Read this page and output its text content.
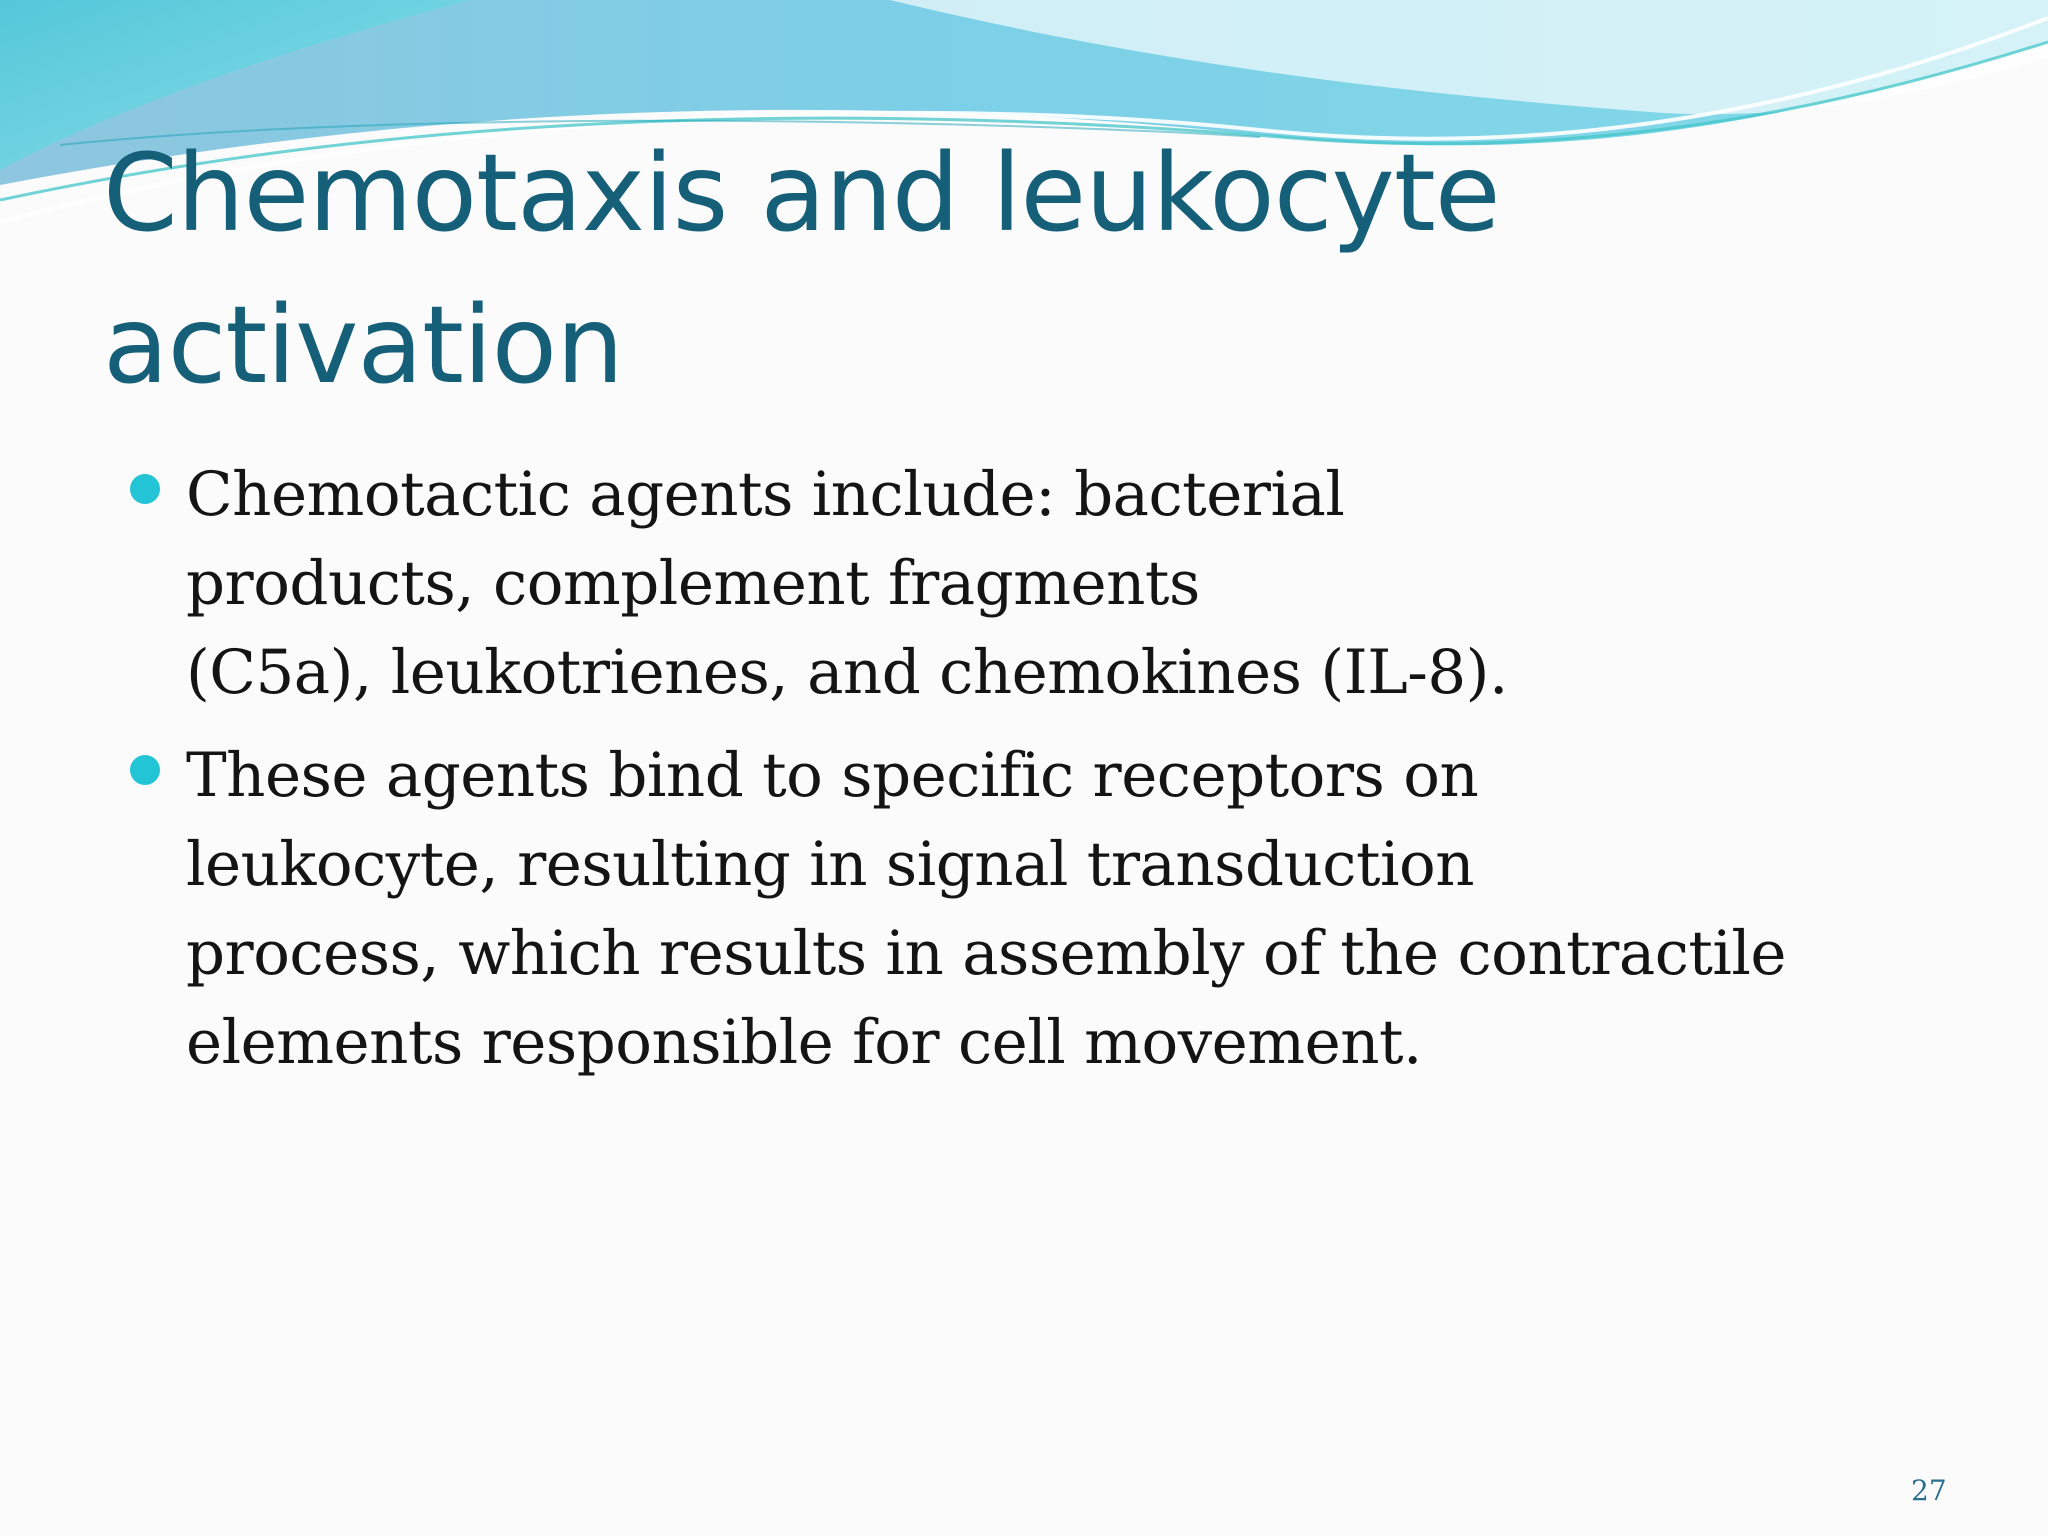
Chemotaxis and leukocyte activation
Chemotactic agents include: bacterial
products, complement fragments
(C5a), leukotrienes, and chemokines (IL-8).
These agents bind to specific receptors on
leukocyte, resulting in signal transduction
process, which results in assembly of the contractile
elements responsible for cell movement.
27
